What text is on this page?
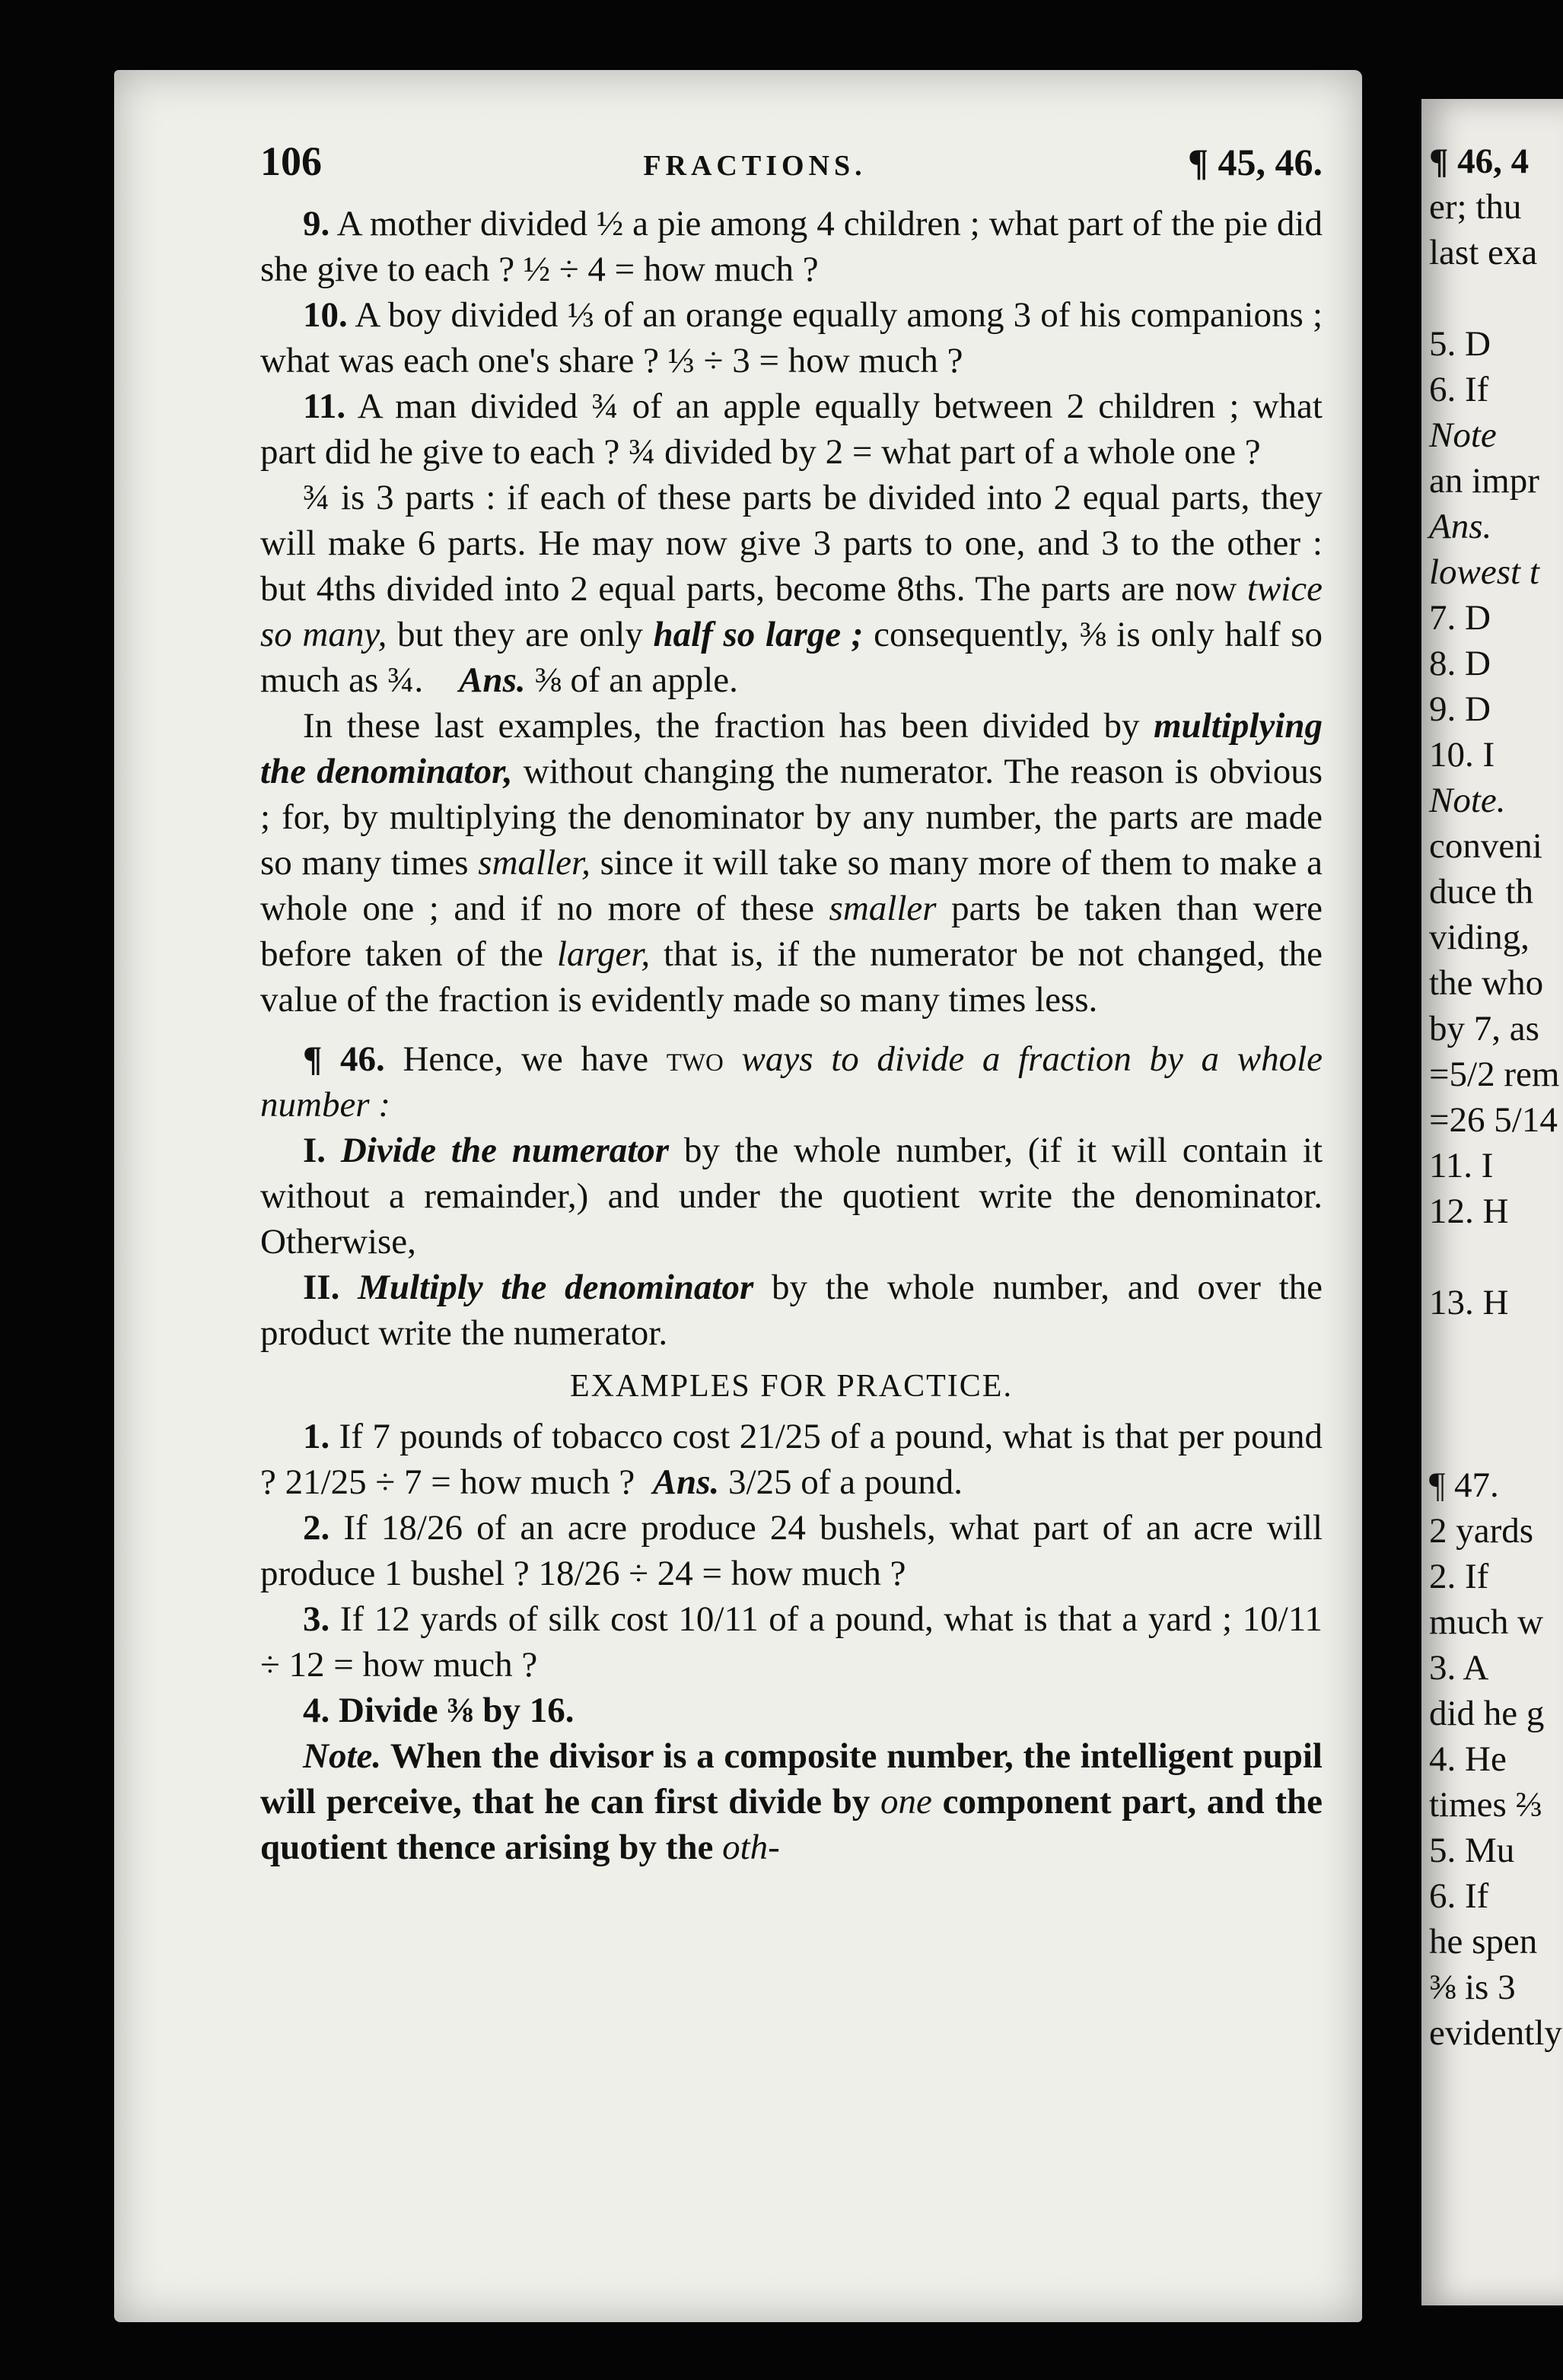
¶ 46, 4
er; thu
last exa
5. D
6. If
Note
an impr
Ans.
lowest t
7. D
8. D
9. D
10. I
Note.
conveni
duce th
viding,
the who
by 7, as
=5/2 rem
=26 5/14
11. I
12. H
13. H
¶ 47.
2 yards
2. If
much w
3. A
did he g
4. He
times ⅔
5. Mu
6. If
he spen
⅜ is 3
evidently
106	FRACTIONS.	¶ 45, 46.

9. A mother divided ½ a pie among 4 children ; what part of the pie did she give to each ? ½ ÷ 4 = how much ?

10. A boy divided ⅓ of an orange equally among 3 of his companions ; what was each one's share ? ⅓ ÷ 3 = how much ?

11. A man divided ¾ of an apple equally between 2 children ; what part did he give to each ? ¾ divided by 2 = what part of a whole one ?

¾ is 3 parts : if each of these parts be divided into 2 equal parts, they will make 6 parts. He may now give 3 parts to one, and 3 to the other : but 4ths divided into 2 equal parts, become 8ths. The parts are now twice so many, but they are only half so large ; consequently, ⅜ is only half so much as ¾. Ans. ⅜ of an apple.

In these last examples, the fraction has been divided by multiplying the denominator, without changing the numerator. The reason is obvious ; for, by multiplying the denominator by any number, the parts are made so many times smaller, since it will take so many more of them to make a whole one ; and if no more of these smaller parts be taken than were before taken of the larger, that is, if the numerator be not changed, the value of the fraction is evidently made so many times less.

¶ 46. Hence, we have two ways to divide a fraction by a whole number :

I. Divide the numerator by the whole number, (if it will contain it without a remainder,) and under the quotient write the denominator. Otherwise,

II. Multiply the denominator by the whole number, and over the product write the numerator.

EXAMPLES FOR PRACTICE.

1. If 7 pounds of tobacco cost 21/25 of a pound, what is that per pound ? 21/25 ÷ 7 = how much ? Ans. 3/25 of a pound.

2. If 18/26 of an acre produce 24 bushels, what part of an acre will produce 1 bushel ? 18/26 ÷ 24 = how much ?

3. If 12 yards of silk cost 10/11 of a pound, what is that a yard ; 10/11 ÷ 12 = how much ?

4. Divide ⅜ by 16.

Note. When the divisor is a composite number, the intelligent pupil will perceive, that he can first divide by one component part, and the quotient thence arising by the oth-
